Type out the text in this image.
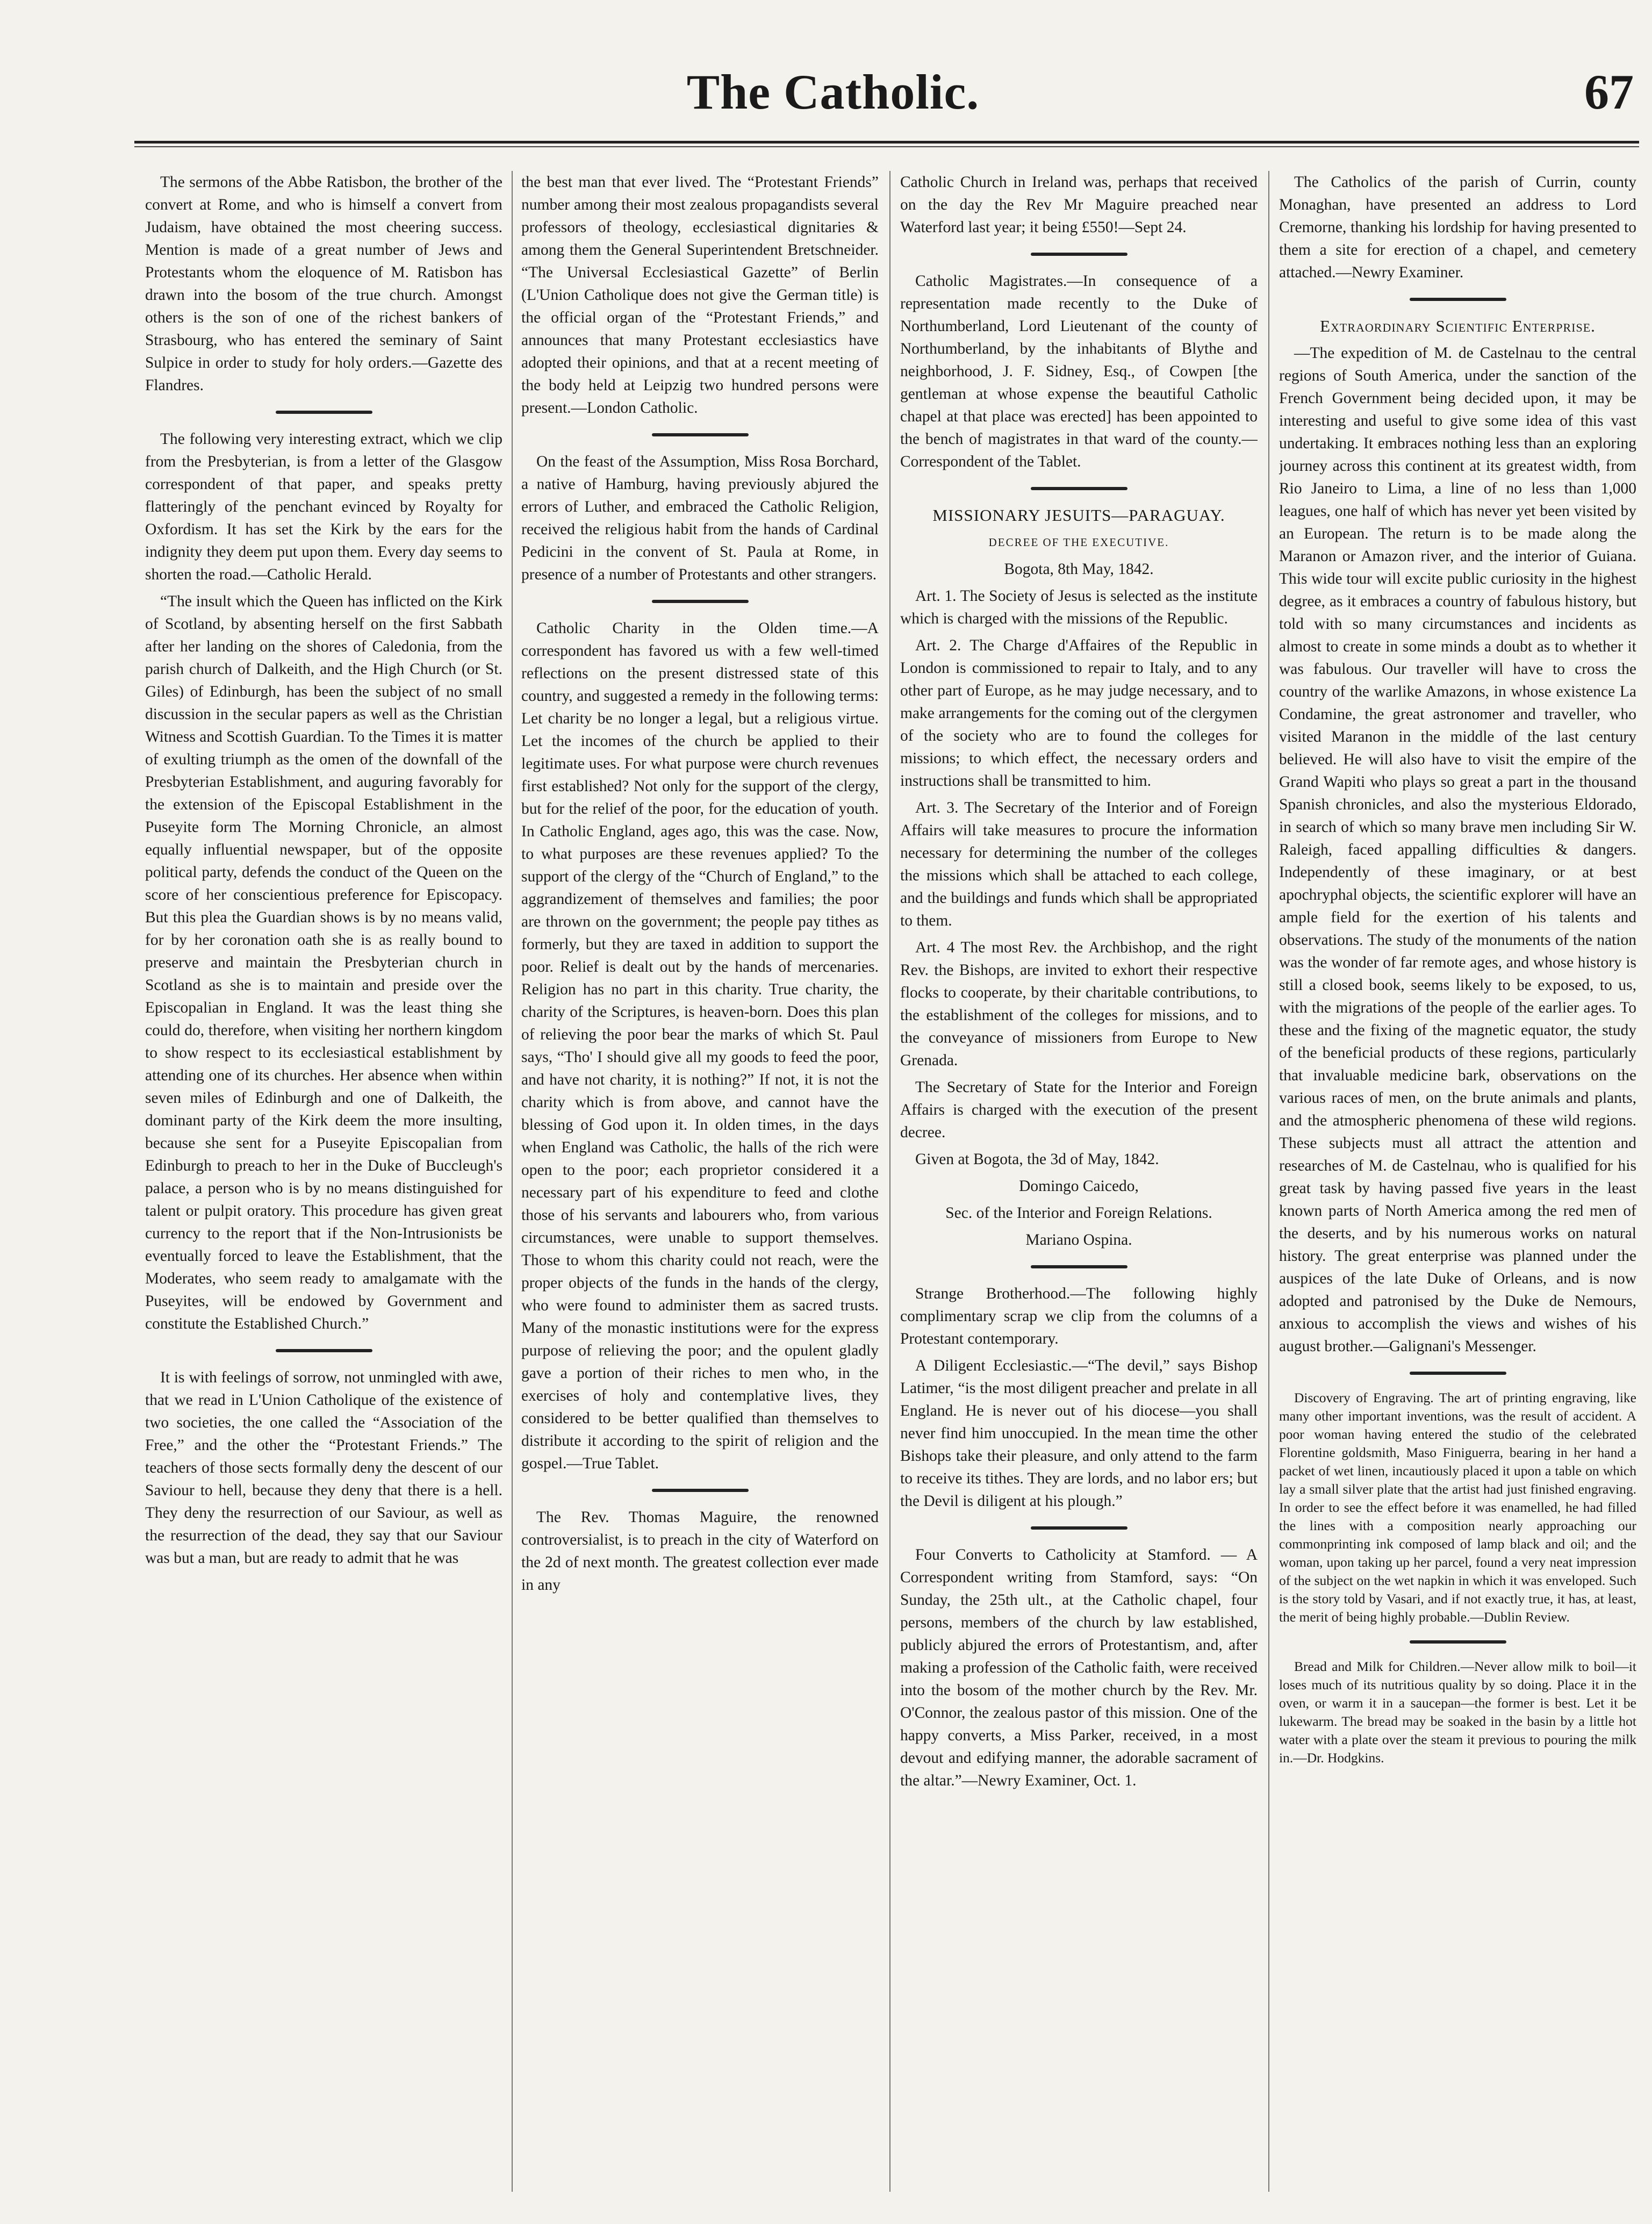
The Catholic.	67

The sermons of the Abbe Ratisbon, the brother of the convert at Rome, and who is himself a convert from Judaism, have obtained the most cheering success. Mention is made of a great number of Jews and Protestants whom the eloquence of M. Ratisbon has drawn into the bosom of the true church. Amongst others is the son of one of the richest bankers of Strasbourg, who has entered the seminary of Saint Sulpice in order to study for holy orders.—Gazette des Flandres.

The following very interesting extract, which we clip from the Presbyterian, is from a letter of the Glasgow correspondent of that paper, and speaks pretty flatteringly of the penchant evinced by Royalty for Oxfordism. It has set the Kirk by the ears for the indignity they deem put upon them. Every day seems to shorten the road.—Catholic Herald.

“The insult which the Queen has inflicted on the Kirk of Scotland, by absenting herself on the first Sabbath after her landing on the shores of Caledonia, from the parish church of Dalkeith, and the High Church (or St. Giles) of Edinburgh, has been the subject of no small discussion in the secular papers as well as the Christian Witness and Scottish Guardian. To the Times it is matter of exulting triumph as the omen of the downfall of the Presbyterian Establishment, and auguring favorably for the extension of the Episcopal Establishment in the Puseyite form The Morning Chronicle, an almost equally influential newspaper, but of the opposite political party, defends the conduct of the Queen on the score of her conscientious preference for Episcopacy. But this plea the Guardian shows is by no means valid, for by her coronation oath she is as really bound to preserve and maintain the Presbyterian church in Scotland as she is to maintain and preside over the Episcopalian in England. It was the least thing she could do, therefore, when visiting her northern kingdom to show respect to its ecclesiastical establishment by attending one of its churches. Her absence when within seven miles of Edinburgh and one of Dalkeith, the dominant party of the Kirk deem the more insulting, because she sent for a Puseyite Episcopalian from Edinburgh to preach to her in the Duke of Buccleugh's palace, a person who is by no means distinguished for talent or pulpit oratory. This procedure has given great currency to the report that if the Non-Intrusionists be eventually forced to leave the Establishment, that the Moderates, who seem ready to amalgamate with the Puseyites, will be endowed by Government and constitute the Established Church.”

It is with feelings of sorrow, not unmingled with awe, that we read in L'Union Catholique of the existence of two societies, the one called the “Association of the Free,” and the other the “Protestant Friends.” The teachers of those sects formally deny the descent of our Saviour to hell, because they deny that there is a hell. They deny the resurrection of our Saviour, as well as the resurrection of the dead, they say that our Saviour was but a man, but are ready to admit that he was

the best man that ever lived. The “Protestant Friends” number among their most zealous propagandists several professors of theology, ecclesiastical dignitaries & among them the General Superintendent Bretschneider. “The Universal Ecclesiastical Gazette” of Berlin (L'Union Catholique does not give the German title) is the official organ of the “Protestant Friends,” and announces that many Protestant ecclesiastics have adopted their opinions, and that at a recent meeting of the body held at Leipzig two hundred persons were present.—London Catholic.

On the feast of the Assumption, Miss Rosa Borchard, a native of Hamburg, having previously abjured the errors of Luther, and embraced the Catholic Religion, received the religious habit from the hands of Cardinal Pedicini in the convent of St. Paula at Rome, in presence of a number of Protestants and other strangers.

Catholic Charity in the Olden time.—A correspondent has favored us with a few well-timed reflections on the present distressed state of this country, and suggested a remedy in the following terms: Let charity be no longer a legal, but a religious virtue. Let the incomes of the church be applied to their legitimate uses. For what purpose were church revenues first established? Not only for the support of the clergy, but for the relief of the poor, for the education of youth. In Catholic England, ages ago, this was the case. Now, to what purposes are these revenues applied? To the support of the clergy of the “Church of England,” to the aggrandizement of themselves and families; the poor are thrown on the government; the people pay tithes as formerly, but they are taxed in addition to support the poor. Relief is dealt out by the hands of mercenaries. Religion has no part in this charity. True charity, the charity of the Scriptures, is heaven-born. Does this plan of relieving the poor bear the marks of which St. Paul says, “Tho' I should give all my goods to feed the poor, and have not charity, it is nothing?” If not, it is not the charity which is from above, and cannot have the blessing of God upon it. In olden times, in the days when England was Catholic, the halls of the rich were open to the poor; each proprietor considered it a necessary part of his expenditure to feed and clothe those of his servants and labourers who, from various circumstances, were unable to support themselves. Those to whom this charity could not reach, were the proper objects of the funds in the hands of the clergy, who were found to administer them as sacred trusts. Many of the monastic institutions were for the express purpose of relieving the poor; and the opulent gladly gave a portion of their riches to men who, in the exercises of holy and contemplative lives, they considered to be better qualified than themselves to distribute it according to the spirit of religion and the gospel.—True Tablet.

The Rev. Thomas Maguire, the renowned controversialist, is to preach in the city of Waterford on the 2d of next month. The greatest collection ever made in any

Catholic Church in Ireland was, perhaps that received on the day the Rev Mr Maguire preached near Waterford last year; it being £550!—Sept 24.

Catholic Magistrates.—In consequence of a representation made recently to the Duke of Northumberland, Lord Lieutenant of the county of Northumberland, by the inhabitants of Blythe and neighborhood, J. F. Sidney, Esq., of Cowpen [the gentleman at whose expense the beautiful Catholic chapel at that place was erected] has been appointed to the bench of magistrates in that ward of the county.—Correspondent of the Tablet.

MISSIONARY JESUITS—PARAGUAY.

DECREE OF THE EXECUTIVE.

Bogota, 8th May, 1842.

Art. 1. The Society of Jesus is selected as the institute which is charged with the missions of the Republic.

Art. 2. The Charge d'Affaires of the Republic in London is commissioned to repair to Italy, and to any other part of Europe, as he may judge necessary, and to make arrangements for the coming out of the clergymen of the society who are to found the colleges for missions; to which effect, the necessary orders and instructions shall be transmitted to him.

Art. 3. The Secretary of the Interior and of Foreign Affairs will take measures to procure the information necessary for determining the number of the colleges the missions which shall be attached to each college, and the buildings and funds which shall be appropriated to them.

Art. 4 The most Rev. the Archbishop, and the right Rev. the Bishops, are invited to exhort their respective flocks to cooperate, by their charitable contributions, to the establishment of the colleges for missions, and to the conveyance of missioners from Europe to New Grenada.

The Secretary of State for the Interior and Foreign Affairs is charged with the execution of the present decree.

Given at Bogota, the 3d of May, 1842.

Domingo Caicedo,

Sec. of the Interior and Foreign Relations.

Mariano Ospina.

Strange Brotherhood.—The following highly complimentary scrap we clip from the columns of a Protestant contemporary.

A Diligent Ecclesiastic.—“The devil,” says Bishop Latimer, “is the most diligent preacher and prelate in all England. He is never out of his diocese—you shall never find him unoccupied. In the mean time the other Bishops take their pleasure, and only attend to the farm to receive its tithes. They are lords, and no labor ers; but the Devil is diligent at his plough.”

Four Converts to Catholicity at Stamford. — A Correspondent writing from Stamford, says: “On Sunday, the 25th ult., at the Catholic chapel, four persons, members of the church by law established, publicly abjured the errors of Protestantism, and, after making a profession of the Catholic faith, were received into the bosom of the mother church by the Rev. Mr. O'Connor, the zealous pastor of this mission. One of the happy converts, a Miss Parker, received, in a most devout and edifying manner, the adorable sacrament of the altar.”—Newry Examiner, Oct. 1.

The Catholics of the parish of Currin, county Monaghan, have presented an address to Lord Cremorne, thanking his lordship for having presented to them a site for erection of a chapel, and cemetery attached.—Newry Examiner.

Extraordinary Scientific Enterprise.

—The expedition of M. de Castelnau to the central regions of South America, under the sanction of the French Government being decided upon, it may be interesting and useful to give some idea of this vast undertaking. It embraces nothing less than an exploring journey across this continent at its greatest width, from Rio Janeiro to Lima, a line of no less than 1,000 leagues, one half of which has never yet been visited by an European. The return is to be made along the Maranon or Amazon river, and the interior of Guiana. This wide tour will excite public curiosity in the highest degree, as it embraces a country of fabulous history, but told with so many circumstances and incidents as almost to create in some minds a doubt as to whether it was fabulous. Our traveller will have to cross the country of the warlike Amazons, in whose existence La Condamine, the great astronomer and traveller, who visited Maranon in the middle of the last century believed. He will also have to visit the empire of the Grand Wapiti who plays so great a part in the thousand Spanish chronicles, and also the mysterious Eldorado, in search of which so many brave men including Sir W. Raleigh, faced appalling difficulties & dangers. Independently of these imaginary, or at best apochryphal objects, the scientific explorer will have an ample field for the exertion of his talents and observations. The study of the monuments of the nation was the wonder of far remote ages, and whose history is still a closed book, seems likely to be exposed, to us, with the migrations of the people of the earlier ages. To these and the fixing of the magnetic equator, the study of the beneficial products of these regions, particularly that invaluable medicine bark, observations on the various races of men, on the brute animals and plants, and the atmospheric phenomena of these wild regions. These subjects must all attract the attention and researches of M. de Castelnau, who is qualified for his great task by having passed five years in the least known parts of North America among the red men of the deserts, and by his numerous works on natural history. The great enterprise was planned under the auspices of the late Duke of Orleans, and is now adopted and patronised by the Duke de Nemours, anxious to accomplish the views and wishes of his august brother.—Galignani's Messenger.

Discovery of Engraving. The art of printing engraving, like many other important inventions, was the result of accident. A poor woman having entered the studio of the celebrated Florentine goldsmith, Maso Finiguerra, bearing in her hand a packet of wet linen, incautiously placed it upon a table on which lay a small silver plate that the artist had just finished engraving. In order to see the effect before it was enamelled, he had filled the lines with a composition nearly approaching our commonprinting ink composed of lamp black and oil; and the woman, upon taking up her parcel, found a very neat impression of the subject on the wet napkin in which it was enveloped. Such is the story told by Vasari, and if not exactly true, it has, at least, the merit of being highly probable.—Dublin Review.

Bread and Milk for Children.—Never allow milk to boil—it loses much of its nutritious quality by so doing. Place it in the oven, or warm it in a saucepan—the former is best. Let it be lukewarm. The bread may be soaked in the basin by a little hot water with a plate over the steam it previous to pouring the milk in.—Dr. Hodgkins.
